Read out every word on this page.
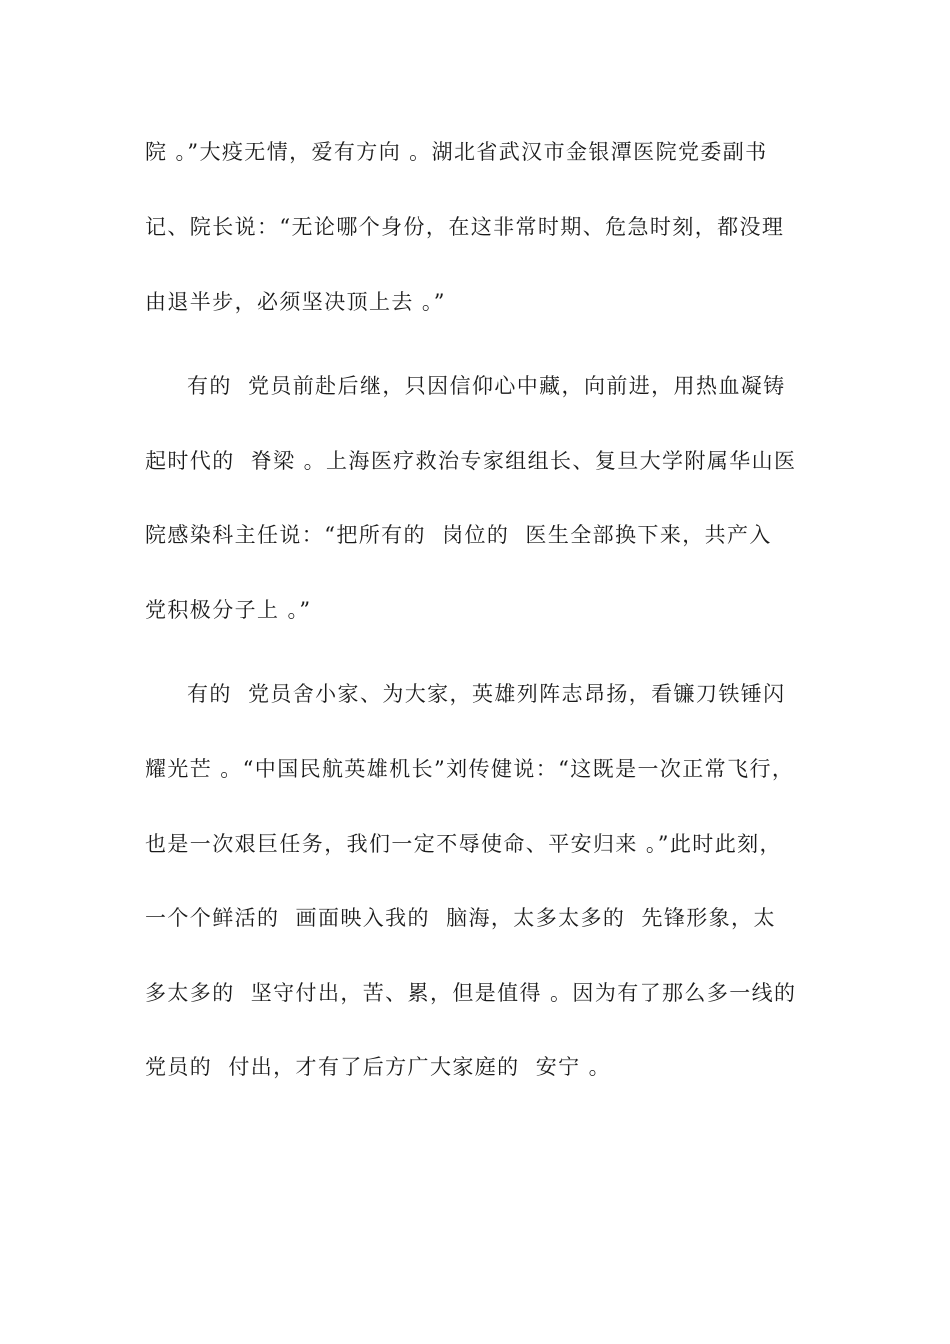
院 。”大疫无情，爱有方向 。湖北省武汉市金银潭医院党委副书
记、院长说：“无论哪个身份，在这非常时期、危急时刻，都没理
由退半步，必须坚决顶上去 。”
有的  党员前赴后继，只因信仰心中藏，向前进，用热血凝铸
起时代的  脊梁 。上海医疗救治专家组组长、复旦大学附属华山医
院感染科主任说：“把所有的  岗位的  医生全部换下来，共产入
党积极分子上 。”
有的  党员舍小家、为大家，英雄列阵志昂扬，看镰刀铁锤闪
耀光芒 。“中国民航英雄机长”刘传健说：“这既是一次正常飞行，
也是一次艰巨任务，我们一定不辱使命、平安归来 。”此时此刻，
一个个鲜活的  画面映入我的  脑海，太多太多的  先锋形象，太
多太多的  坚守付出，苦、累，但是值得 。因为有了那么多一线的
党员的  付出，才有了后方广大家庭的  安宁 。
